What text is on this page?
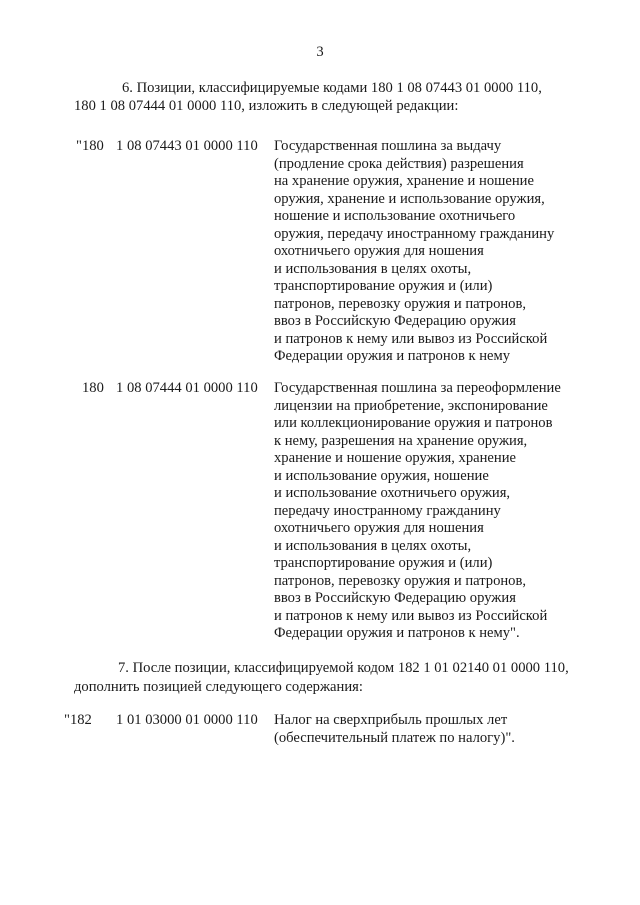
3
6. Позиции, классифицируемые кодами 180 1 08 07443 01 0000 110,
180 1 08 07444 01 0000 110, изложить в следующей редакции:
"180 1 08 07443 01 0000 110 Государственная пошлина за выдачу
(продление срока действия) разрешения
на хранение оружия, хранение и ношение
оружия, хранение и использование оружия,
ношение и использование охотничьего
оружия, передачу иностранному гражданину
охотничьего оружия для ношения
и использования в целях охоты,
транспортирование оружия и (или)
патронов, перевозку оружия и патронов,
ввоз в Российскую Федерацию оружия
и патронов к нему или вывоз из Российской
Федерации оружия и патронов к нему
180 1 08 07444 01 0000 110 Государственная пошлина за переоформление
лицензии на приобретение, экспонирование
или коллекционирование оружия и патронов
к нему, разрешения на хранение оружия,
хранение и ношение оружия, хранение
и использование оружия, ношение
и использование охотничьего оружия,
передачу иностранному гражданину
охотничьего оружия для ношения
и использования в целях охоты,
транспортирование оружия и (или)
патронов, перевозку оружия и патронов,
ввоз в Российскую Федерацию оружия
и патронов к нему или вывоз из Российской
Федерации оружия и патронов к нему".
7. После позиции, классифицируемой кодом 182 1 01 02140 01 0000 110,
дополнить позицией следующего содержания:
"182 1 01 03000 01 0000 110 Налог на сверхприбыль прошлых лет
(обеспечительный платеж по налогу)".
